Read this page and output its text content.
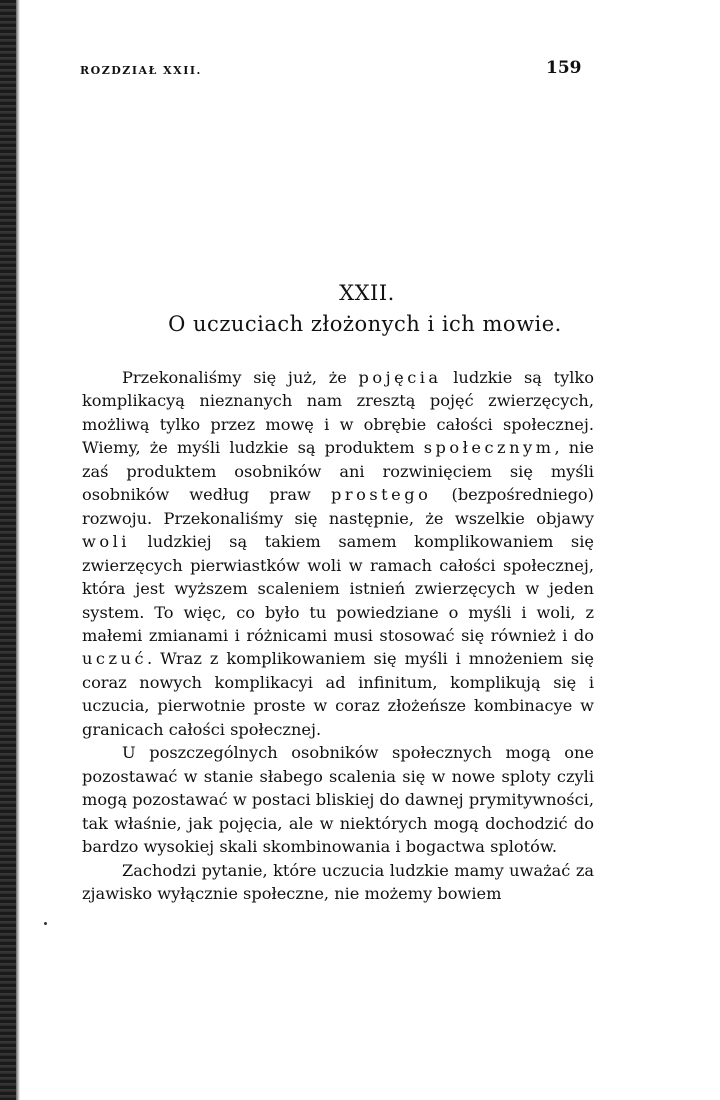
ROZDZIAŁ XXII.	159
XXII.
O uczuciach złożonych i ich mowie.

Przekonaliśmy się już, że pojęcia ludzkie są tylko komplikacyą nieznanych nam zresztą pojęć zwierzęcych, możliwą tylko przez mowę i w obrębie całości społecznej. Wiemy, że myśli ludzkie są produktem społecznym, nie zaś produktem osobników ani rozwinięciem się myśli osobników według praw prostego (bezpośredniego) rozwoju. Przekonaliśmy się następnie, że wszelkie objawy woli ludzkiej są takiem samem komplikowaniem się zwierzęcych pierwiastków woli w ramach całości społecznej, która jest wyższem scaleniem istnień zwierzęcych w jeden system. To więc, co było tu powiedziane o myśli i woli, z małemi zmianami i różnicami musi stosować się również i do uczuć. Wraz z komplikowaniem się myśli i mnożeniem się coraz nowych komplikacyi ad infinitum, komplikują się i uczucia, pierwotnie proste w coraz złożeńsze kombinacye w granicach całości społecznej.

U poszczególnych osobników społecznych mogą one pozostawać w stanie słabego scalenia się w nowe sploty czyli mogą pozostawać w postaci bliskiej do dawnej prymitywności, tak właśnie, jak pojęcia, ale w niektórych mogą dochodzić do bardzo wysokiej skali skombinowania i bogactwa splotów.

Zachodzi pytanie, które uczucia ludzkie mamy uważać za zjawisko wyłącznie społeczne, nie możemy bowiem
